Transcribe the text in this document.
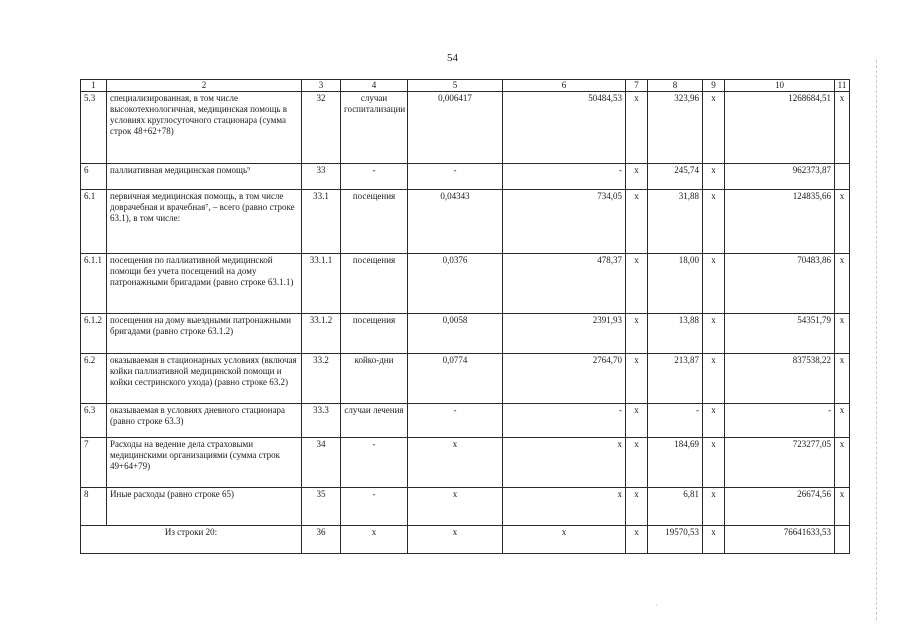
54
·
1	2	3	4	5	6	7	8	9	10	11
5.3	специализированная, в том числе высокотехнологичная, медицинская помощь в условиях круглосуточного стационара (сумма строк 48+62+78)	32	случаи госпитализации	0,006417	50484,53	х	323,96	х	1268684,51	х
6	паллиативная медицинская помощь⁹	33	-	-	-	х	245,74	х	962373,87	
6.1	первичная медицинская помощь, в том числе доврачебная и врачебная⁷, – всего (равно строке 63.1), в том числе:	33.1	посещения	0,04343	734,05	х	31,88	х	124835,66	х
6.1.1	посещения по паллиативной медицинской помощи без учета посещений на дому патронажными бригадами (равно строке 63.1.1)	33.1.1	посещения	0,0376	478,37	х	18,00	х	70483,86	х
6.1.2	посещения на дому выездными патронажными бригадами (равно строке 63.1.2)	33.1.2	посещения	0,0058	2391,93	х	13,88	х	54351,79	х
6.2	оказываемая в стационарных условиях (включая койки паллиативной медицинской помощи и койки сестринского ухода) (равно строке 63.2)	33.2	койко-дни	0,0774	2764,70	х	213,87	х	837538,22	х
6.3	оказываемая в условиях дневного стационара (равно строке 63.3)	33.3	случаи лечения	-	-	х	-	х	-	х
7	Расходы на ведение дела страховыми медицинскими организациями (сумма строк 49+64+79)	34	-	х	х	х	184,69	х	723277,05	х
8	Иные расходы (равно строке 65)	35	-	х	х	х	6,81	х	26674,56	х
Из строки 20:		36	х	х	х	х	19570,53	х	76641633,53	
